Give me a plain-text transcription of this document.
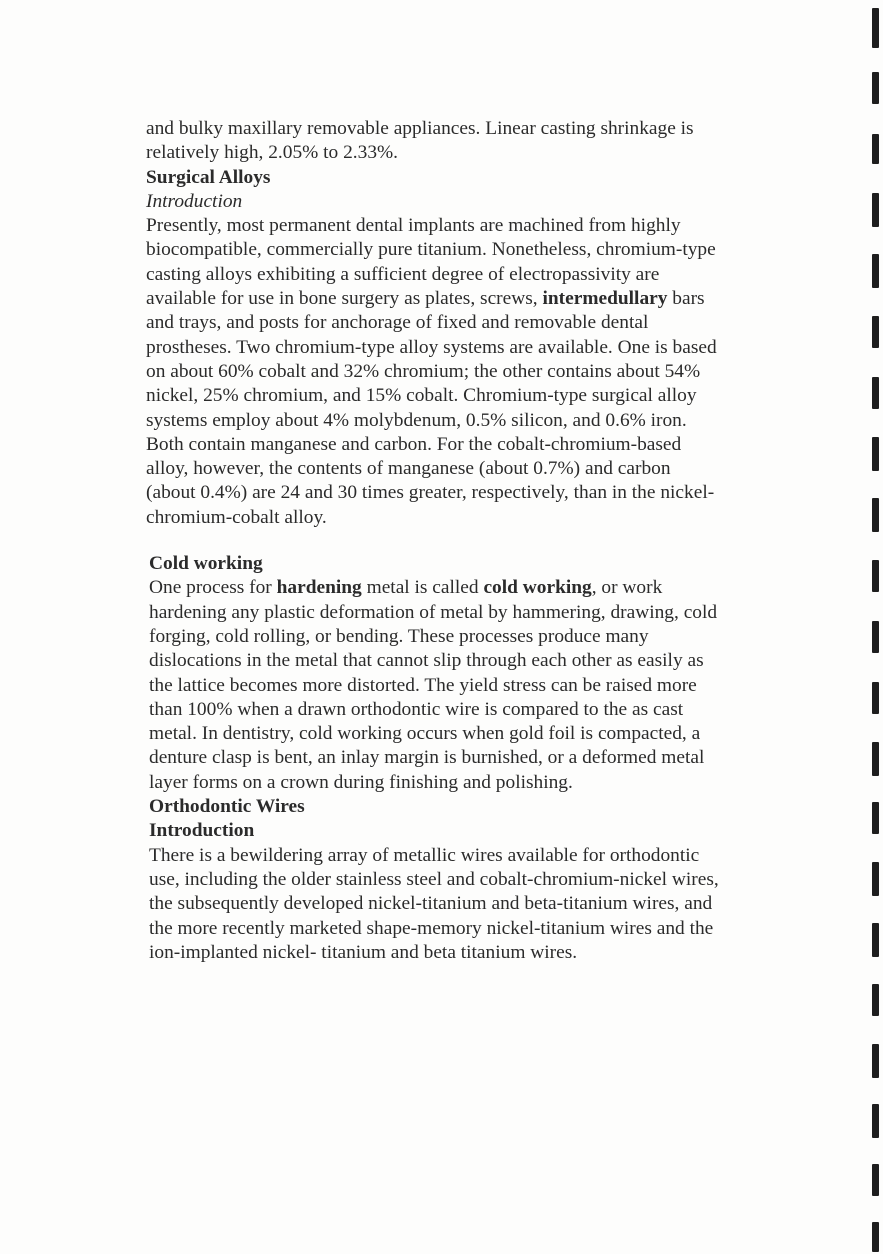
and bulky maxillary removable appliances. Linear casting shrinkage is
relatively high, 2.05% to 2.33%.
Surgical Alloys
Introduction
Presently, most permanent dental implants are machined from highly
biocompatible, commercially pure titanium. Nonetheless, chromium-type
casting alloys exhibiting a sufficient degree of electropassivity are
available for use in bone surgery as plates, screws, intermedullary bars
and trays, and posts for anchorage of fixed and removable dental
prostheses. Two chromium-type alloy systems are available. One is based
on about 60% cobalt and 32% chromium; the other contains about 54%
nickel, 25% chromium, and 15% cobalt. Chromium-type surgical alloy
systems employ about 4% molybdenum, 0.5% silicon, and 0.6% iron.
Both contain manganese and carbon. For the cobalt-chromium-based
alloy, however, the contents of manganese (about 0.7%) and carbon
(about 0.4%) are 24 and 30 times greater, respectively, than in the nickel-
chromium-cobalt alloy.
Cold working
One process for hardening metal is called cold working, or work
hardening any plastic deformation of metal by hammering, drawing, cold
forging, cold rolling, or bending. These processes produce many
dislocations in the metal that cannot slip through each other as easily as
the lattice becomes more distorted. The yield stress can be raised more
than 100% when a drawn orthodontic wire is compared to the as cast
metal. In dentistry, cold working occurs when gold foil is compacted, a
denture clasp is bent, an inlay margin is burnished, or a deformed metal
layer forms on a crown during finishing and polishing.
Orthodontic Wires
Introduction
There is a bewildering array of metallic wires available for orthodontic
use, including the older stainless steel and cobalt-chromium-nickel wires,
the subsequently developed nickel-titanium and beta-titanium wires, and
the more recently marketed shape-memory nickel-titanium wires and the
ion-implanted nickel- titanium and beta titanium wires.
